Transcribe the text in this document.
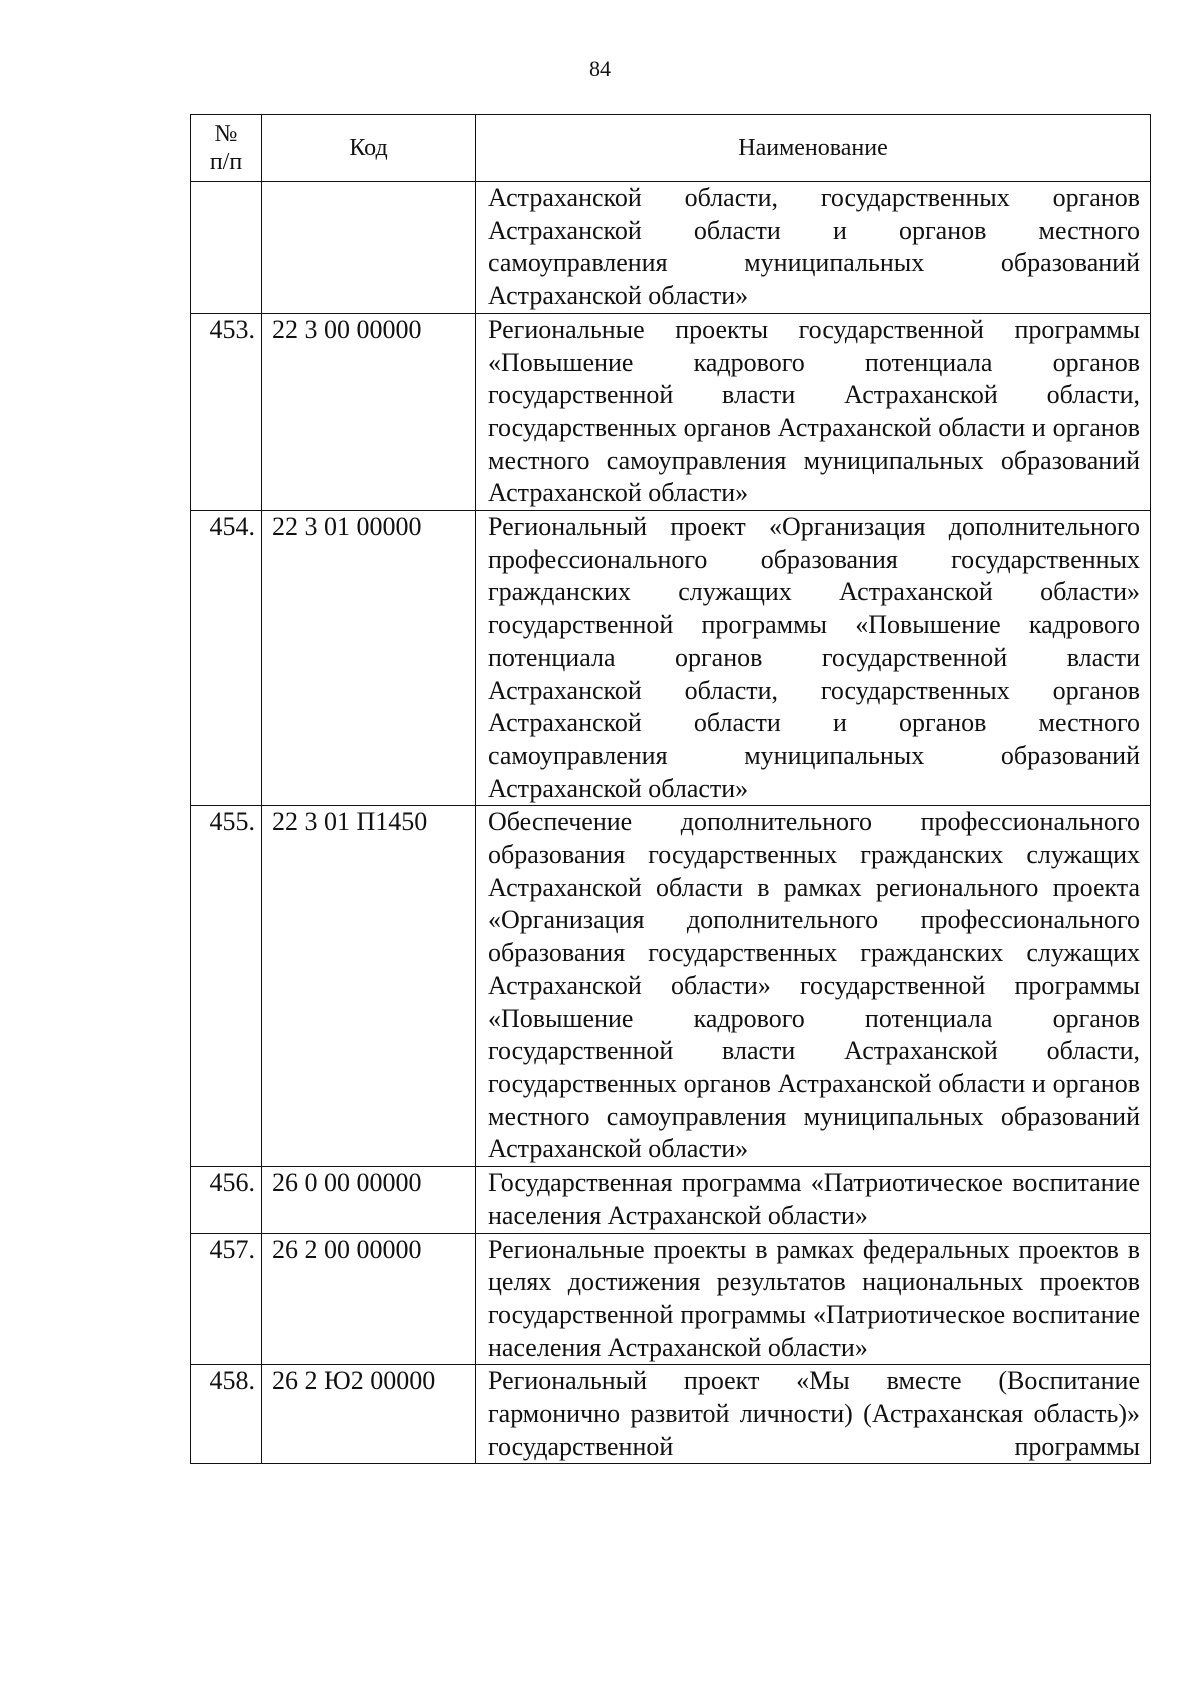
84
№
п/п	Код	Наименование
		Астраханской области, государственных органов Астраханской области и органов местного самоуправления муниципальных образований Астраханской области»
453.	22 3 00 00000	Региональные проекты государственной программы «Повышение кадрового потенциала органов государственной власти Астраханской области, государственных органов Астраханской области и органов местного самоуправления муниципальных образований Астраханской области»
454.	22 3 01 00000	Региональный проект «Организация дополнительного профессионального образования государственных гражданских служащих Астраханской области» государственной программы «Повышение кадрового потенциала органов государственной власти Астраханской области, государственных органов Астраханской области и органов местного самоуправления муниципальных образований Астраханской области»
455.	22 3 01 П1450	Обеспечение дополнительного профессионального образования государственных гражданских служащих Астраханской области в рамках регионального проекта «Организация дополнительного профессионального образования государственных гражданских служащих Астраханской области» государственной программы «Повышение кадрового потенциала органов государственной власти Астраханской области, государственных органов Астраханской области и органов местного самоуправления муниципальных образований Астраханской области»
456.	26 0 00 00000	Государственная программа «Патриотическое воспитание населения Астраханской области»
457.	26 2 00 00000	Региональные проекты в рамках федеральных проектов в целях достижения результатов национальных проектов государственной программы «Патриотическое воспитание населения Астраханской области»
458.	26 2 Ю2 00000	Региональный проект «Мы вместе (Воспитание гармонично развитой личности) (Астраханская область)» государственной программы
